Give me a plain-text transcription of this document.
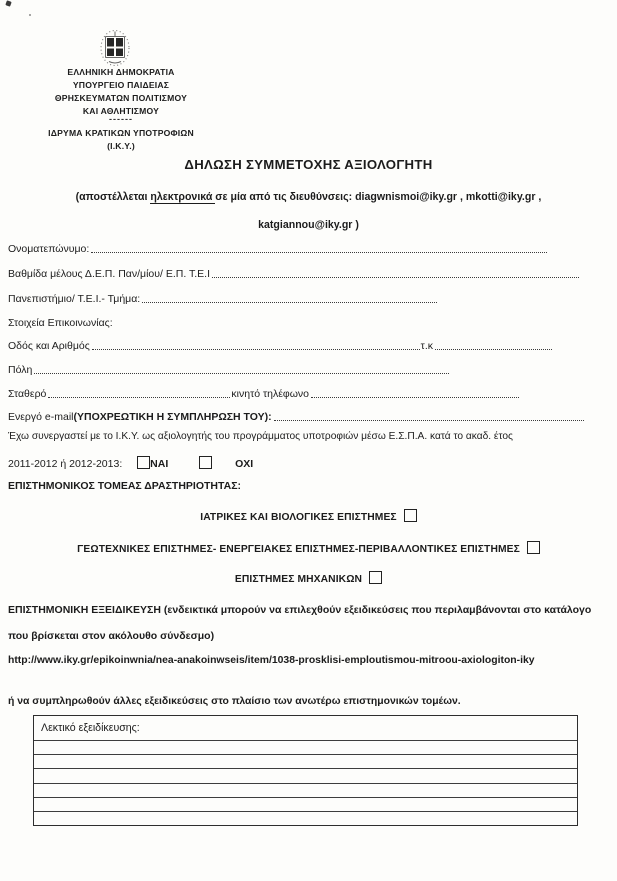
ΕΛΛΗΝΙΚΗ ΔΗΜΟΚΡΑΤΙΑ
ΥΠΟΥΡΓΕΙΟ ΠΑΙΔΕΙΑΣ
ΘΡΗΣΚΕΥΜΑΤΩΝ ΠΟΛΙΤΙΣΜΟΥ
ΚΑΙ ΑΘΛΗΤΙΣΜΟΥ
------
ΙΔΡΥΜΑ ΚΡΑΤΙΚΩΝ ΥΠΟΤΡΟΦΙΩΝ
(Ι.Κ.Υ.)
ΔΗΛΩΣΗ ΣΥΜΜΕΤΟΧΗΣ ΑΞΙΟΛΟΓΗΤΗ
(αποστέλλεται ηλεκτρονικά σε μία από τις διευθύνσεις: diagwnismoi@iky.gr , mkotti@iky.gr ,
katgiannou@iky.gr )
Ονοματεπώνυμο:
Βαθμίδα μέλους Δ.Ε.Π. Παν/μίου/ Ε.Π. Τ.Ε.Ι
Πανεπιστήμιο/ Τ.Ε.Ι.- Τμήμα:
Στοιχεία Επικοινωνίας:
Οδός και Αριθμός	τ.κ
Πόλη
Σταθερό	κινητό τηλέφωνο
Ενεργό e-mail (ΥΠΟΧΡΕΩΤΙΚΗ Η ΣΥΜΠΛΗΡΩΣΗ ΤΟΥ):
Έχω συνεργαστεί με το Ι.Κ.Υ. ως αξιολογητής του προγράμματος υποτροφιών μέσω Ε.Σ.Π.Α. κατά το ακαδ. έτος
2011-2012 ή 2012-2013:	ΝΑΙ	ΟΧΙ
ΕΠΙΣΤΗΜΟΝΙΚΟΣ ΤΟΜΕΑΣ ΔΡΑΣΤΗΡΙΟΤΗΤΑΣ:
ΙΑΤΡΙΚΕΣ ΚΑΙ ΒΙΟΛΟΓΙΚΕΣ ΕΠΙΣΤΗΜΕΣ
ΓΕΩΤΕΧΝΙΚΕΣ ΕΠΙΣΤΗΜΕΣ- ΕΝΕΡΓΕΙΑΚΕΣ ΕΠΙΣΤΗΜΕΣ-ΠΕΡΙΒΑΛΛΟΝΤΙΚΕΣ ΕΠΙΣΤΗΜΕΣ
ΕΠΙΣΤΗΜΕΣ ΜΗΧΑΝΙΚΩΝ
ΕΠΙΣΤΗΜΟΝΙΚΗ ΕΞΕΙΔΙΚΕΥΣΗ (ενδεικτικά μπορούν να επιλεχθούν εξειδικεύσεις που περιλαμβάνονται στο κατάλογο που βρίσκεται στον ακόλουθο σύνδεσμο)
http://www.iky.gr/epikoinwnia/nea-anakoinwseis/item/1038-prosklisi-emploutismou-mitroou-axiologiton-iky
ή να συμπληρωθούν άλλες εξειδικεύσεις στο πλαίσιο των ανωτέρω επιστημονικών τομέων.
Λεκτικό εξειδίκευσης:
